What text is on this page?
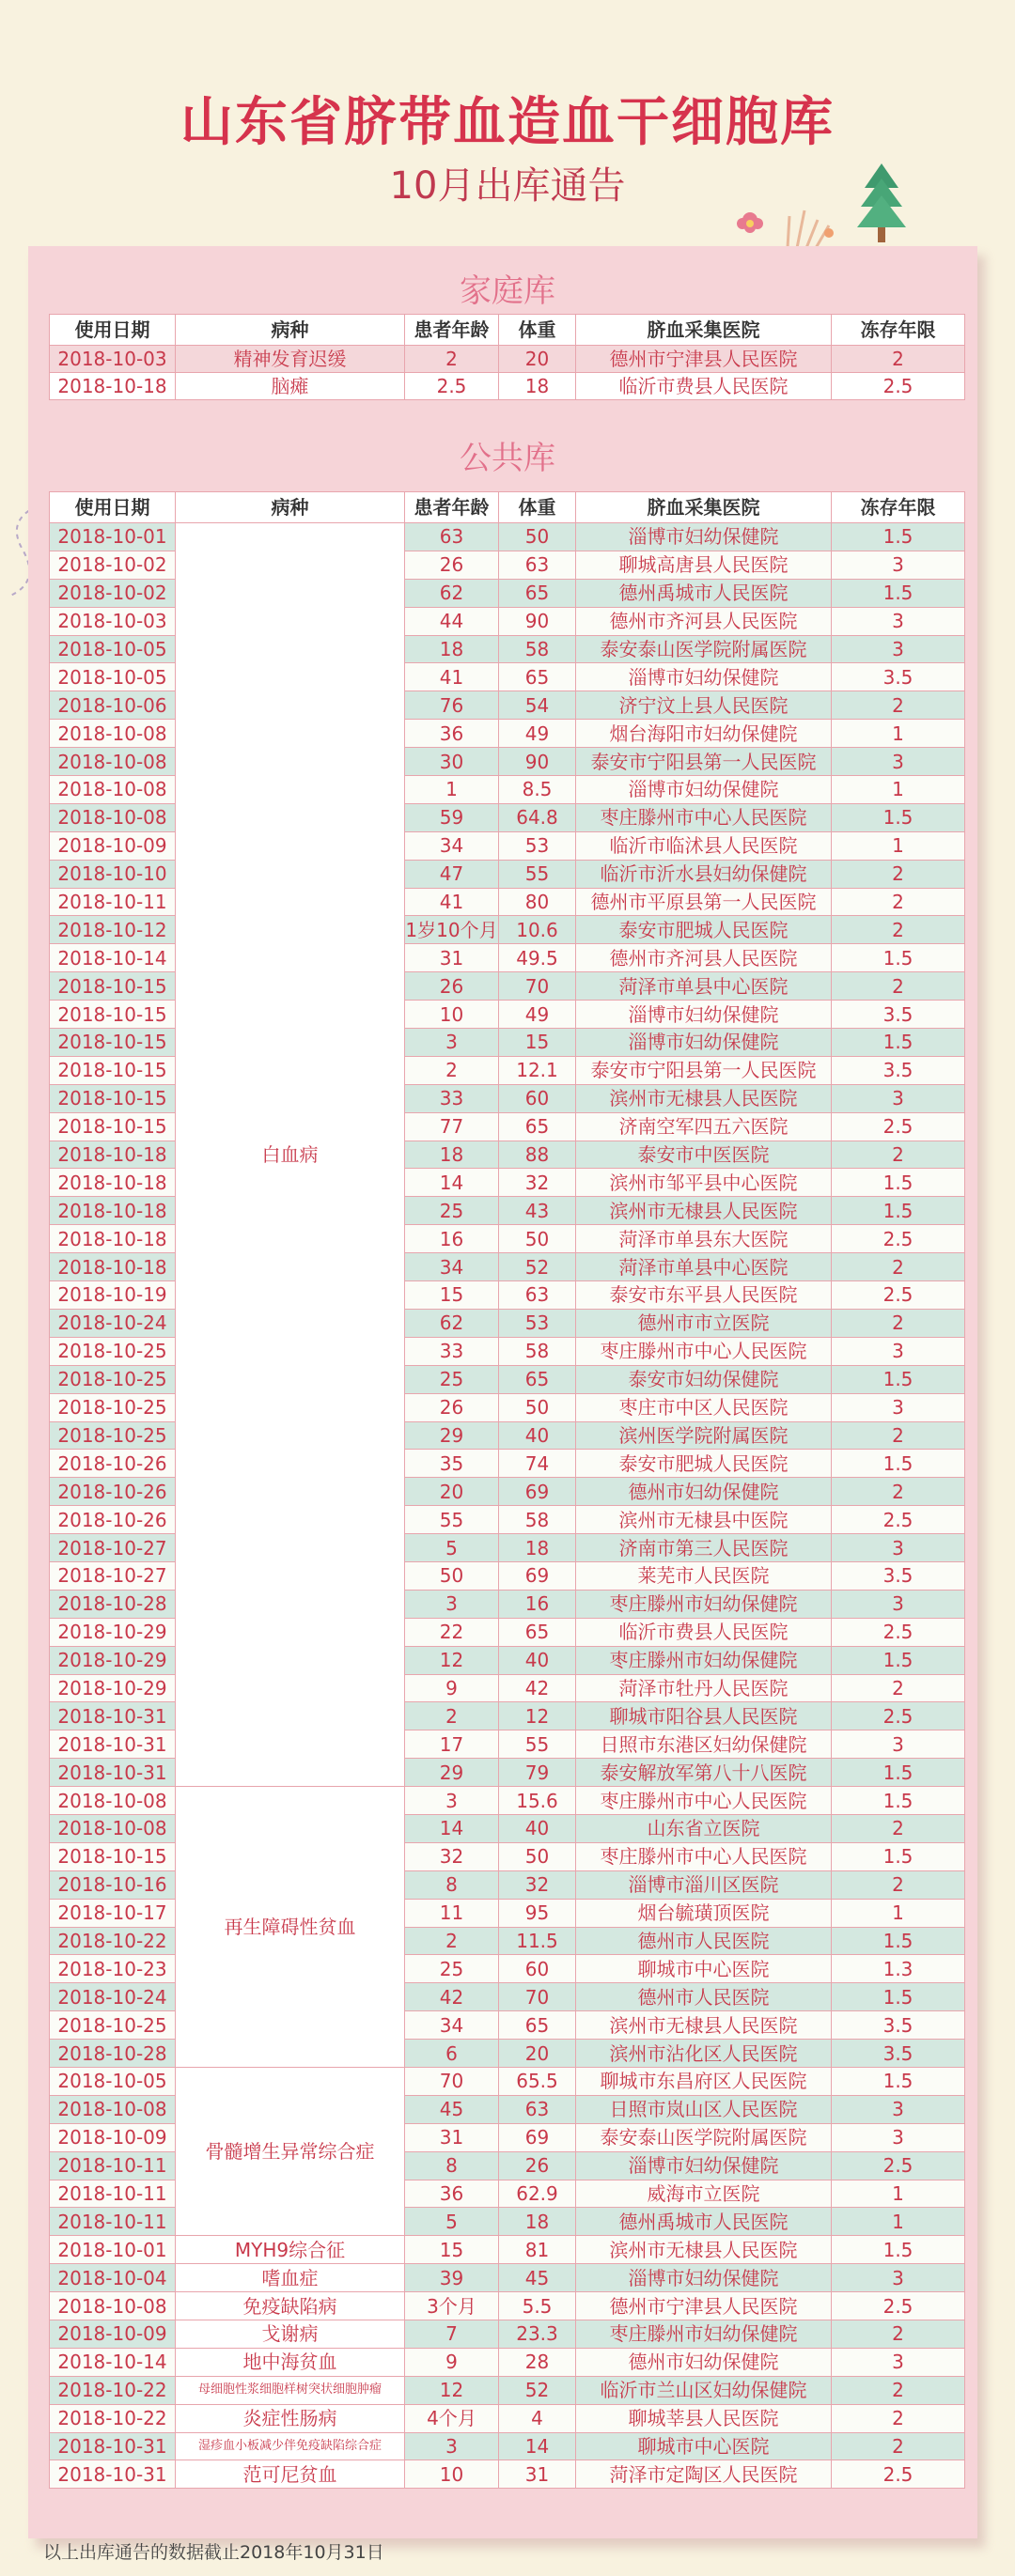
山东省脐带血造血干细胞库
10月出库通告
家庭库
使用日期	病种	患者年龄	体重	脐血采集医院	冻存年限
2018-10-03	精神发育迟缓	2	20	德州市宁津县人民医院	2
2018-10-18	脑瘫	2.5	18	临沂市费县人民医院	2.5
公共库
使用日期	病种	患者年龄	体重	脐血采集医院	冻存年限
2018-10-01	白血病	63	50	淄博市妇幼保健院	1.5
2018-10-02		26	63	聊城高唐县人民医院	3
2018-10-02		62	65	德州禹城市人民医院	1.5
2018-10-03		44	90	德州市齐河县人民医院	3
2018-10-05		18	58	泰安泰山医学院附属医院	3
2018-10-05		41	65	淄博市妇幼保健院	3.5
2018-10-06		76	54	济宁汶上县人民医院	2
2018-10-08		36	49	烟台海阳市妇幼保健院	1
2018-10-08		30	90	泰安市宁阳县第一人民医院	3
2018-10-08		1	8.5	淄博市妇幼保健院	1
2018-10-08		59	64.8	枣庄滕州市中心人民医院	1.5
2018-10-09		34	53	临沂市临沭县人民医院	1
2018-10-10		47	55	临沂市沂水县妇幼保健院	2
2018-10-11		41	80	德州市平原县第一人民医院	2
2018-10-12		1岁10个月	10.6	泰安市肥城人民医院	2
2018-10-14		31	49.5	德州市齐河县人民医院	1.5
2018-10-15		26	70	菏泽市单县中心医院	2
2018-10-15		10	49	淄博市妇幼保健院	3.5
2018-10-15		3	15	淄博市妇幼保健院	1.5
2018-10-15		2	12.1	泰安市宁阳县第一人民医院	3.5
2018-10-15		33	60	滨州市无棣县人民医院	3
2018-10-15		77	65	济南空军四五六医院	2.5
2018-10-18		18	88	泰安市中医医院	2
2018-10-18		14	32	滨州市邹平县中心医院	1.5
2018-10-18		25	43	滨州市无棣县人民医院	1.5
2018-10-18		16	50	菏泽市单县东大医院	2.5
2018-10-18		34	52	菏泽市单县中心医院	2
2018-10-19		15	63	泰安市东平县人民医院	2.5
2018-10-24		62	53	德州市市立医院	2
2018-10-25		33	58	枣庄滕州市中心人民医院	3
2018-10-25		25	65	泰安市妇幼保健院	1.5
2018-10-25		26	50	枣庄市中区人民医院	3
2018-10-25		29	40	滨州医学院附属医院	2
2018-10-26		35	74	泰安市肥城人民医院	1.5
2018-10-26		20	69	德州市妇幼保健院	2
2018-10-26		55	58	滨州市无棣县中医院	2.5
2018-10-27		5	18	济南市第三人民医院	3
2018-10-27		50	69	莱芜市人民医院	3.5
2018-10-28		3	16	枣庄滕州市妇幼保健院	3
2018-10-29		22	65	临沂市费县人民医院	2.5
2018-10-29		12	40	枣庄滕州市妇幼保健院	1.5
2018-10-29		9	42	菏泽市牡丹人民医院	2
2018-10-31		2	12	聊城市阳谷县人民医院	2.5
2018-10-31		17	55	日照市东港区妇幼保健院	3
2018-10-31		29	79	泰安解放军第八十八医院	1.5
2018-10-08	再生障碍性贫血	3	15.6	枣庄滕州市中心人民医院	1.5
2018-10-08		14	40	山东省立医院	2
2018-10-15		32	50	枣庄滕州市中心人民医院	1.5
2018-10-16		8	32	淄博市淄川区医院	2
2018-10-17		11	95	烟台毓璜顶医院	1
2018-10-22		2	11.5	德州市人民医院	1.5
2018-10-23		25	60	聊城市中心医院	1.3
2018-10-24		42	70	德州市人民医院	1.5
2018-10-25		34	65	滨州市无棣县人民医院	3.5
2018-10-28		6	20	滨州市沾化区人民医院	3.5
2018-10-05	骨髓增生异常综合症	70	65.5	聊城市东昌府区人民医院	1.5
2018-10-08		45	63	日照市岚山区人民医院	3
2018-10-09		31	69	泰安泰山医学院附属医院	3
2018-10-11		8	26	淄博市妇幼保健院	2.5
2018-10-11		36	62.9	威海市立医院	1
2018-10-11		5	18	德州禹城市人民医院	1
2018-10-01	MYH9综合征	15	81	滨州市无棣县人民医院	1.5
2018-10-04	嗜血症	39	45	淄博市妇幼保健院	3
2018-10-08	免疫缺陷病	3个月	5.5	德州市宁津县人民医院	2.5
2018-10-09	戈谢病	7	23.3	枣庄滕州市妇幼保健院	2
2018-10-14	地中海贫血	9	28	德州市妇幼保健院	3
2018-10-22	母细胞性浆细胞样树突状细胞肿瘤	12	52	临沂市兰山区妇幼保健院	2
2018-10-22	炎症性肠病	4个月	4	聊城莘县人民医院	2
2018-10-31	湿疹血小板减少伴免疫缺陷综合症	3	14	聊城市中心医院	2
2018-10-31	范可尼贫血	10	31	菏泽市定陶区人民医院	2.5
以上出库通告的数据截止2018年10月31日
